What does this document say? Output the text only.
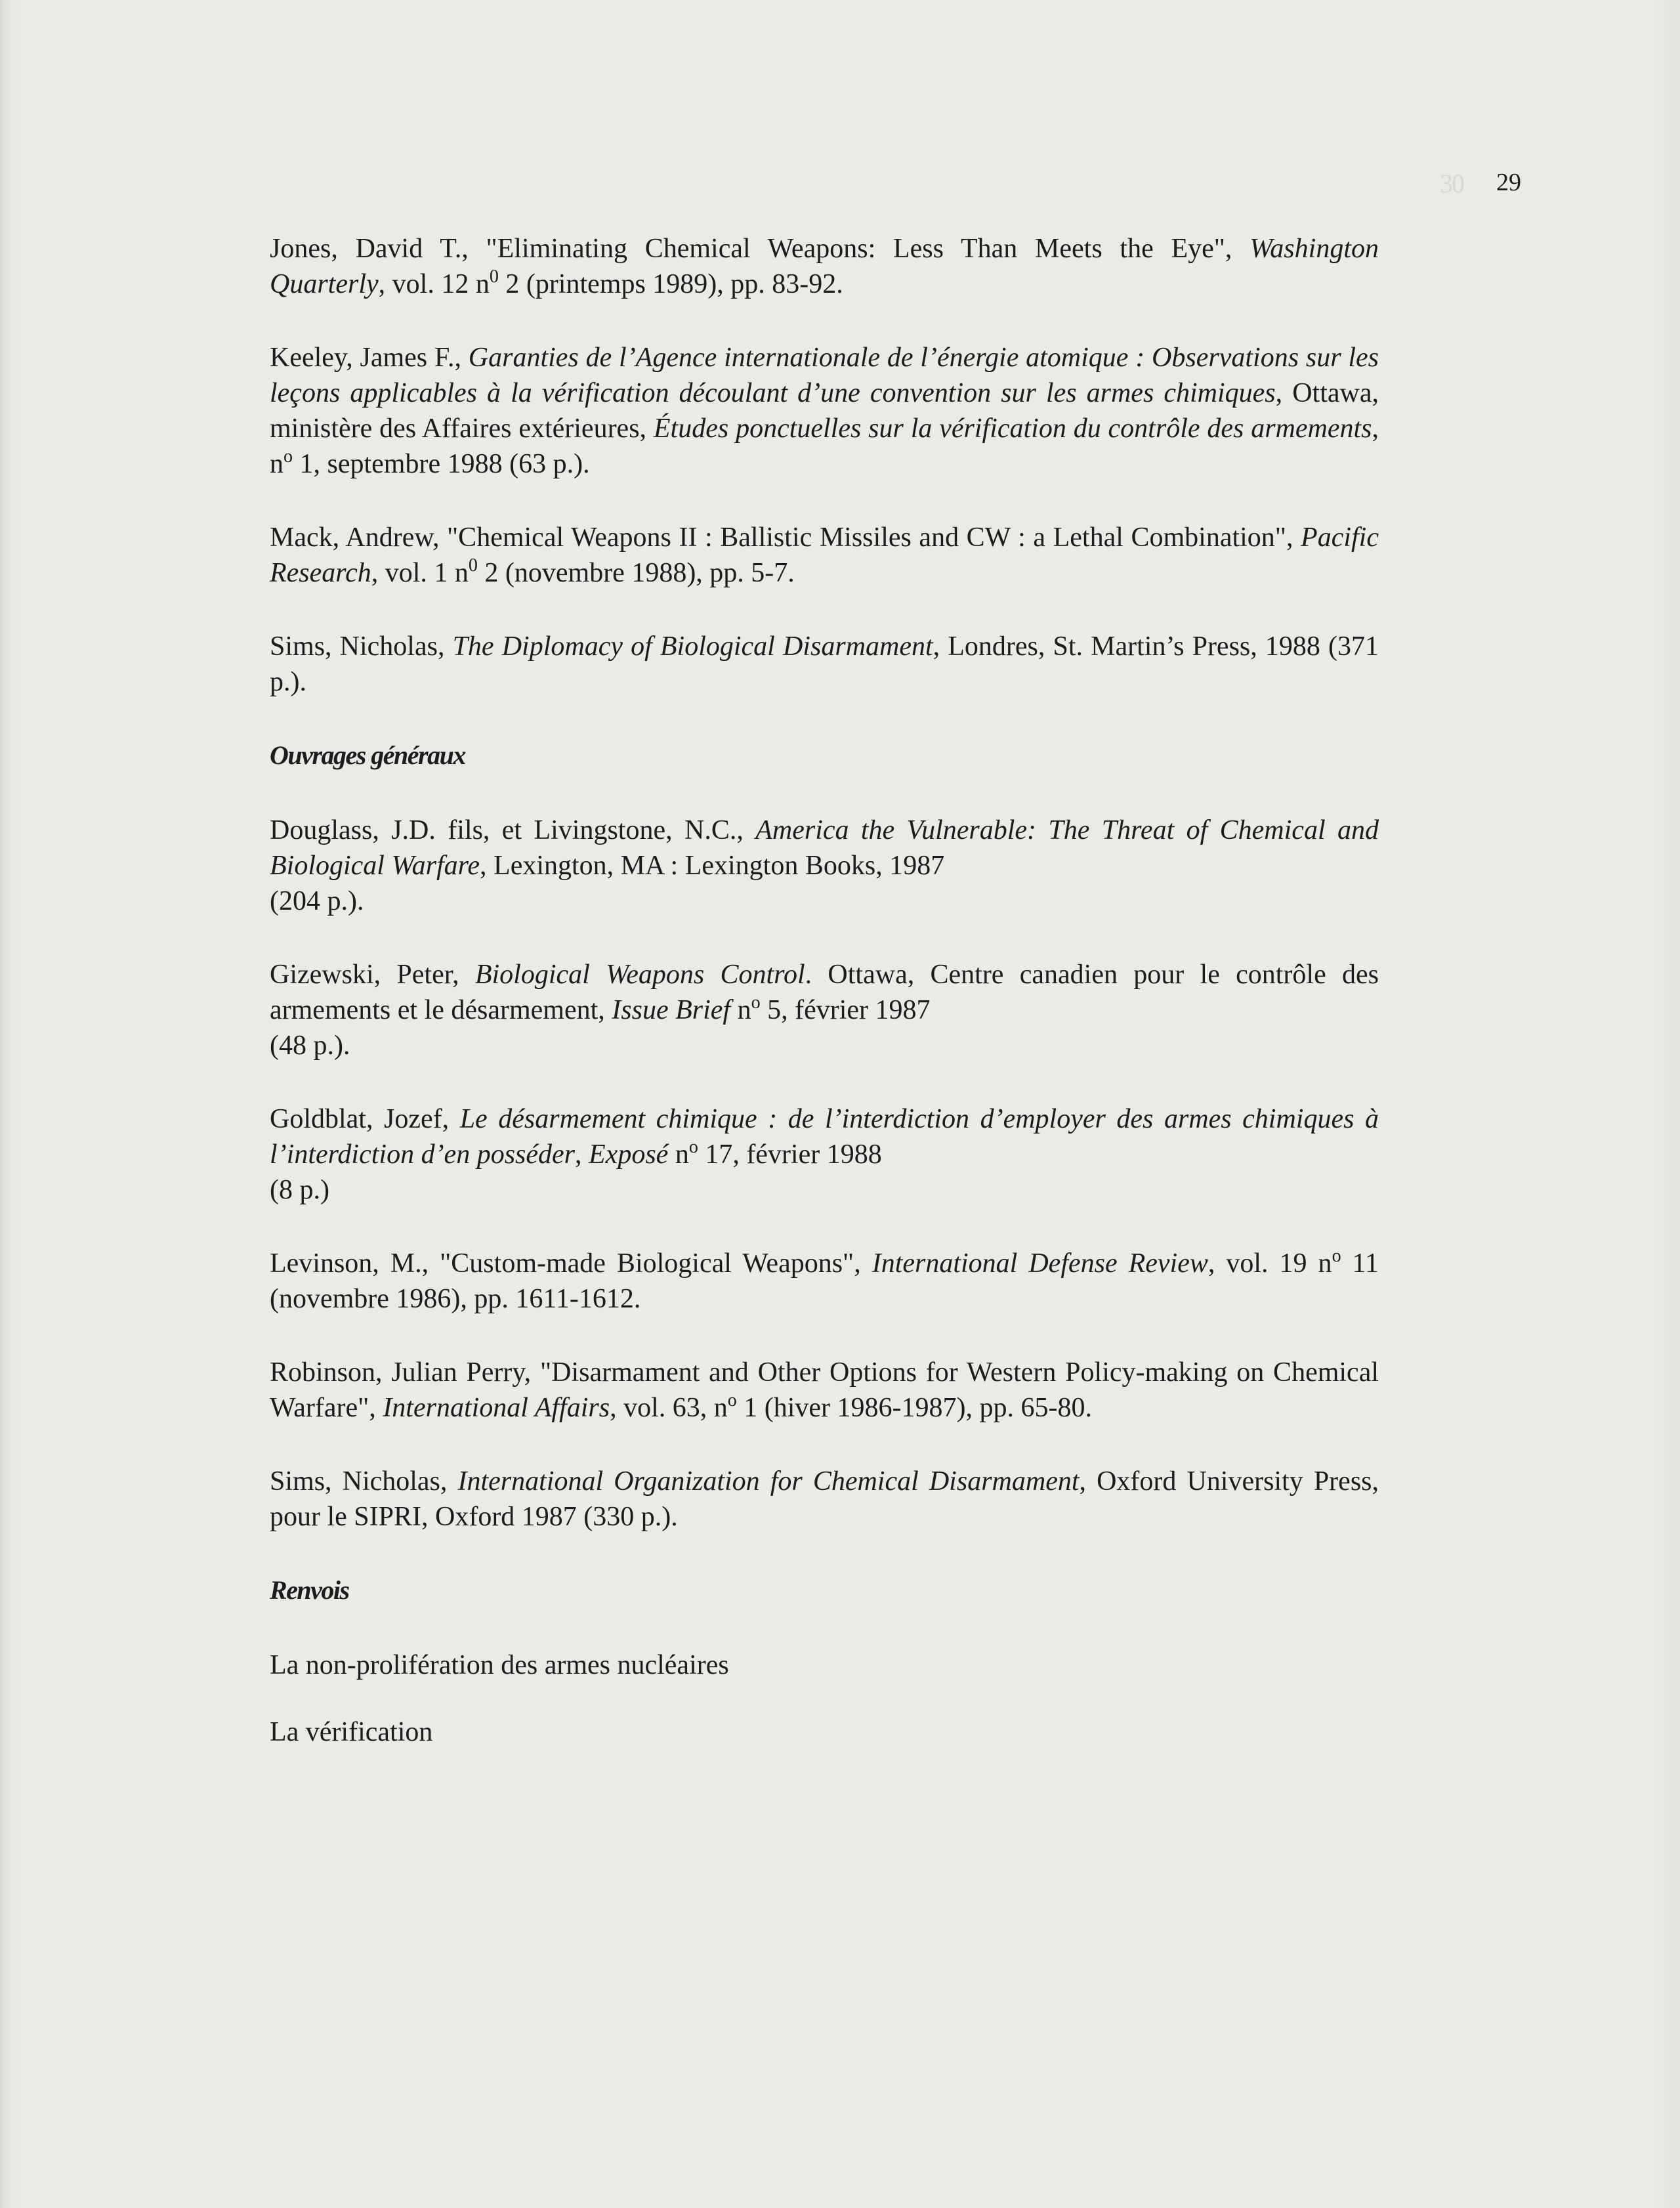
30 29

Jones, David T., "Eliminating Chemical Weapons: Less Than Meets the Eye", Washington Quarterly, vol. 12 $n^0$ 2 (printemps 1989), pp. 83-92.

Keeley, James F., Garanties de l’Agence internationale de l’énergie atomique : Observations sur les leçons applicables à la vérification découlant d’une convention sur les armes chimiques, Ottawa, ministère des Affaires extérieures, Études ponctuelles sur la vérification du contrôle des armements, $n^o$ 1, septembre 1988 (63 p.).

Mack, Andrew, "Chemical Weapons II : Ballistic Missiles and CW : a Lethal Combination", Pacific Research, vol. 1 $n^0$ 2 (novembre 1988), pp. 5-7.

Sims, Nicholas, The Diplomacy of Biological Disarmament, Londres, St. Martin’s Press, 1988 (371 p.).

Ouvrages généraux

Douglass, J.D. fils, et Livingstone, N.C., America the Vulnerable: The Threat of Chemical and Biological Warfare, Lexington, MA : Lexington Books, 1987
(204 p.).

Gizewski, Peter, Biological Weapons Control. Ottawa, Centre canadien pour le contrôle des armements et le désarmement, Issue Brief $n^o$ 5, février 1987
(48 p.).

Goldblat, Jozef, Le désarmement chimique : de l’interdiction d’employer des armes chimiques à l’interdiction d’en posséder, Exposé $n^o$ 17, février 1988
(8 p.)

Levinson, M., "Custom-made Biological Weapons", International Defense Review, vol. 19 $n^o$ 11 (novembre 1986), pp. 1611-1612.

Robinson, Julian Perry, "Disarmament and Other Options for Western Policy-making on Chemical Warfare", International Affairs, vol. 63, $n^o$ 1 (hiver 1986-1987), pp. 65-80.

Sims, Nicholas, International Organization for Chemical Disarmament, Oxford University Press, pour le SIPRI, Oxford 1987 (330 p.).

Renvois
La non-prolifération des armes nucléaires
La vérification
